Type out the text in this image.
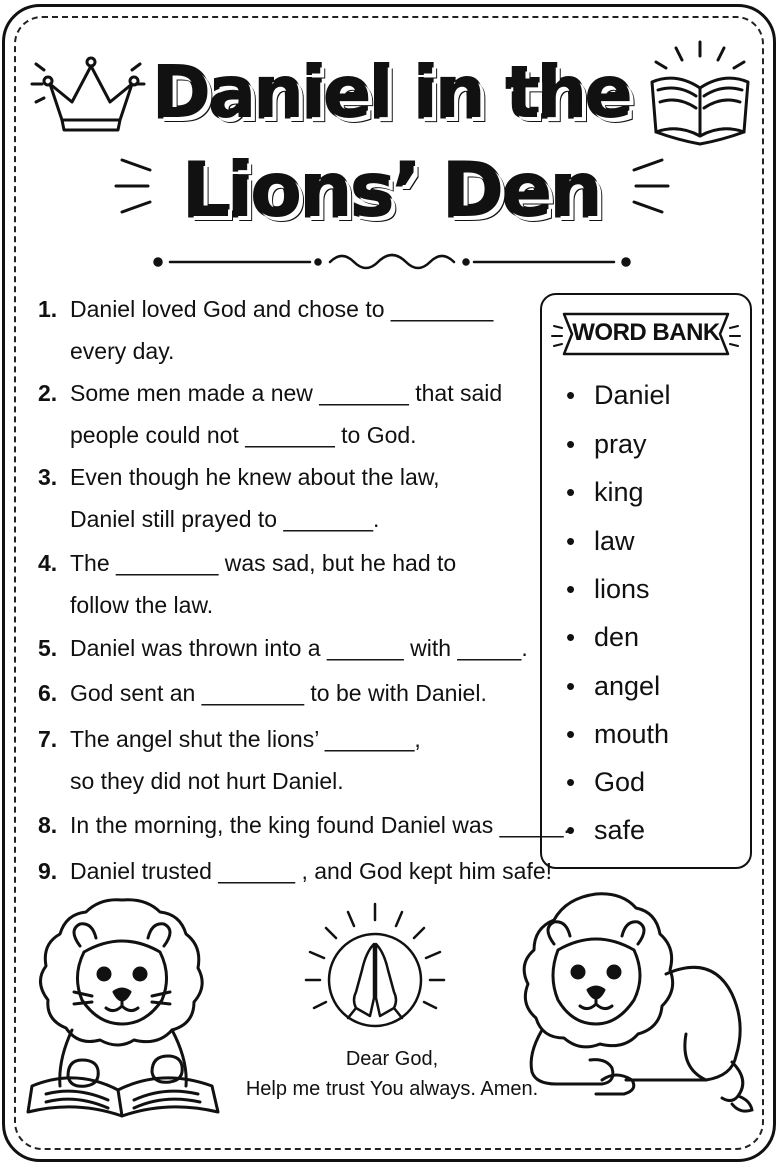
Daniel in the
Lions’ Den
1. Daniel loved God and chose to ________
every day.
2. Some men made a new _______ that said
people could not _______ to God.
3. Even though he knew about the law,
Daniel still prayed to _______.
4. The ________ was sad, but he had to
follow the law.
5. Daniel was thrown into a ______ with _____.
6. God sent an ________ to be with Daniel.
7. The angel shut the lions’ _______,
so they did not hurt Daniel.
8. In the morning, the king found Daniel was _____.
9. Daniel trusted ______ , and God kept him safe!
WORD BANK
• Daniel
• pray
• king
• law
• lions
• den
• angel
• mouth
• God
• safe
Dear God,
Help me trust You always. Amen.
